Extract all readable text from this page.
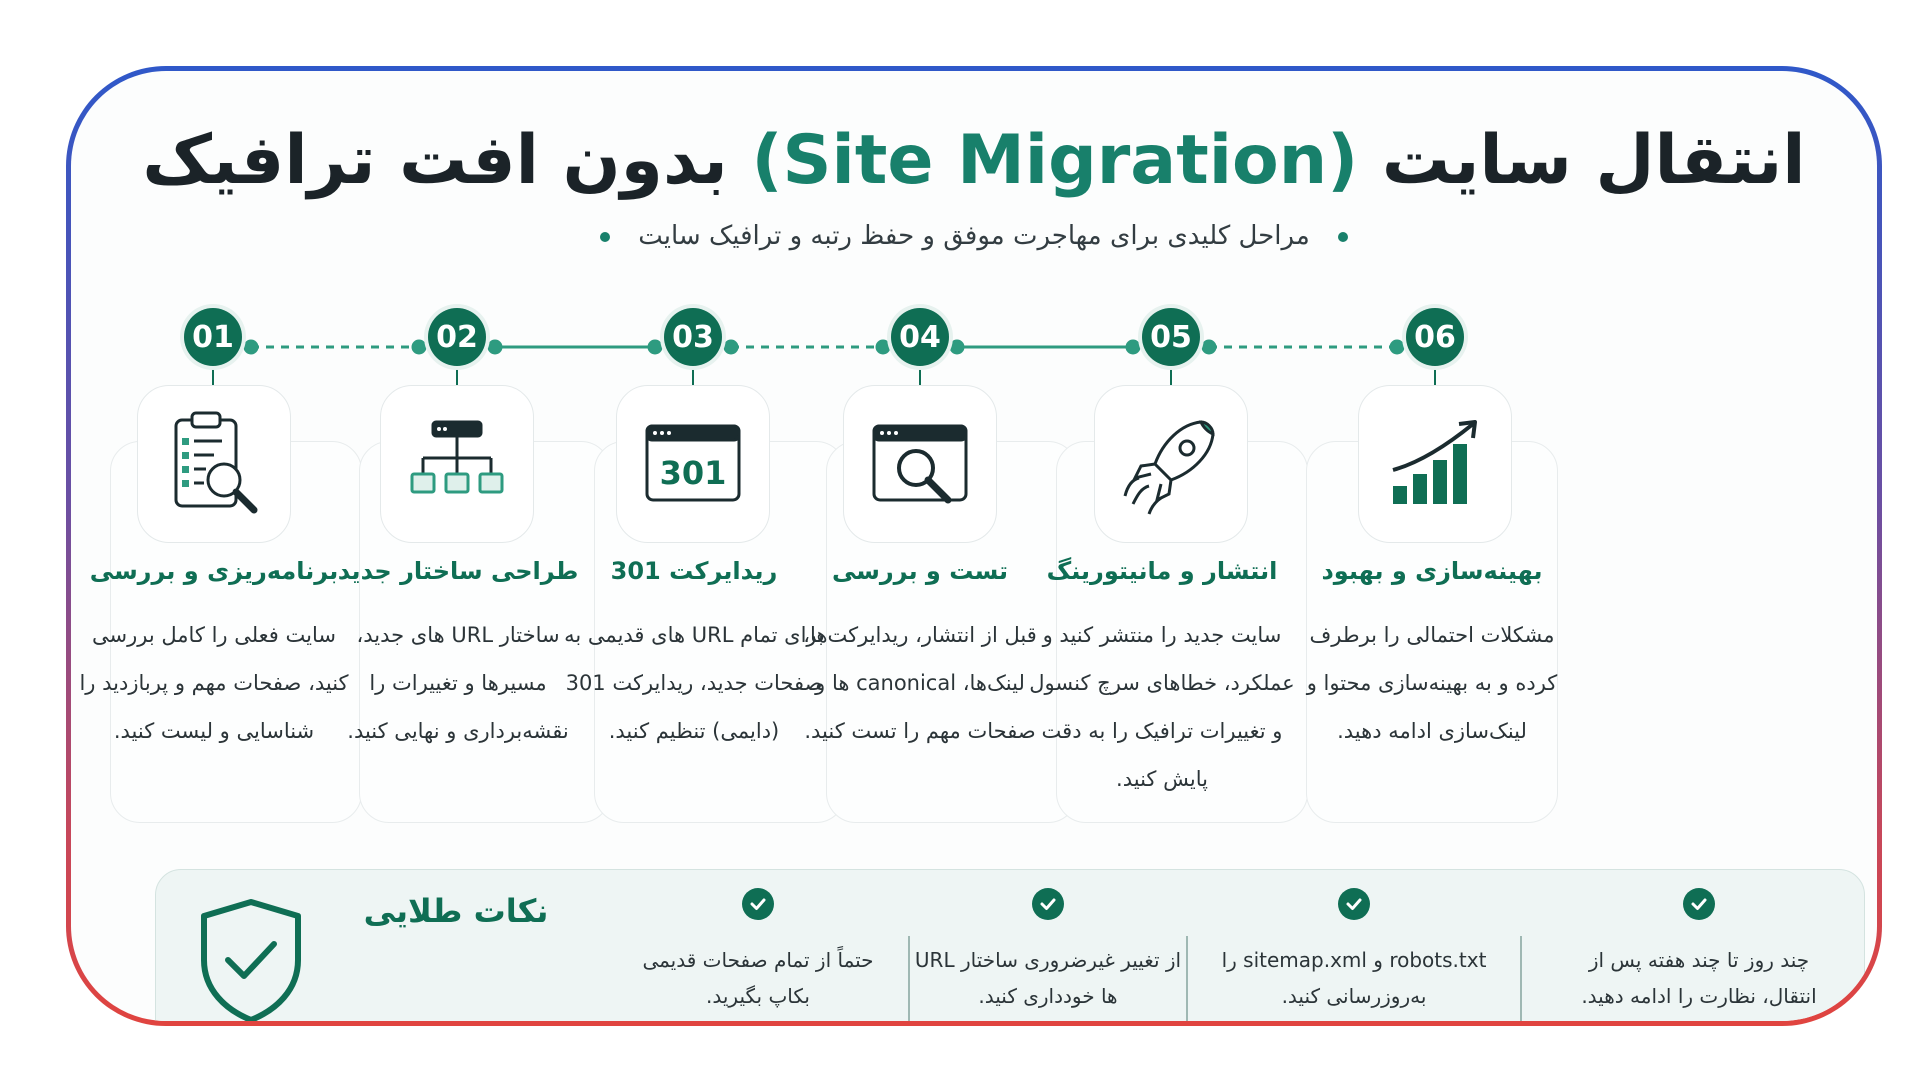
انتقال سایت (Site Migration) بدون افت ترافیک
مراحل کلیدی برای مهاجرت موفق و حفظ رتبه و ترافیک سایت
01
برنامه‌ریزی و بررسی
سایت فعلی را کامل بررسی کنید، صفحات مهم و پربازدید را شناسایی و لیست کنید.
02
طراحی ساختار جدید
ساختار URL های جدید، مسیرها و تغییرات را نقشه‌برداری و نهایی کنید.
03
301
ریدایرکت 301
برای تمام URL های قدیمی به صفحات جدید، ریدایرکت 301 (دایمی) تنظیم کنید.
04
تست و بررسی
قبل از انتشار، ریدایرکت‌ها، لینک‌ها، canonical ها و صفحات مهم را تست کنید.
05
انتشار و مانیتورینگ
سایت جدید را منتشر کنید و عملکرد، خطاهای سرچ کنسول و تغییرات ترافیک را به دقت پایش کنید.
06
بهینه‌سازی و بهبود
مشکلات احتمالی را برطرف کرده و به بهینه‌سازی محتوا و لینک‌سازی ادامه دهید.
نکات طلایی
حتماً از تمام صفحات قدیمی بکاپ بگیرید.
از تغییر غیرضروری ساختار URL ها خودداری کنید.
robots.txt و sitemap.xml را به‌روزرسانی کنید.
چند روز تا چند هفته پس از انتقال، نظارت را ادامه دهید.
